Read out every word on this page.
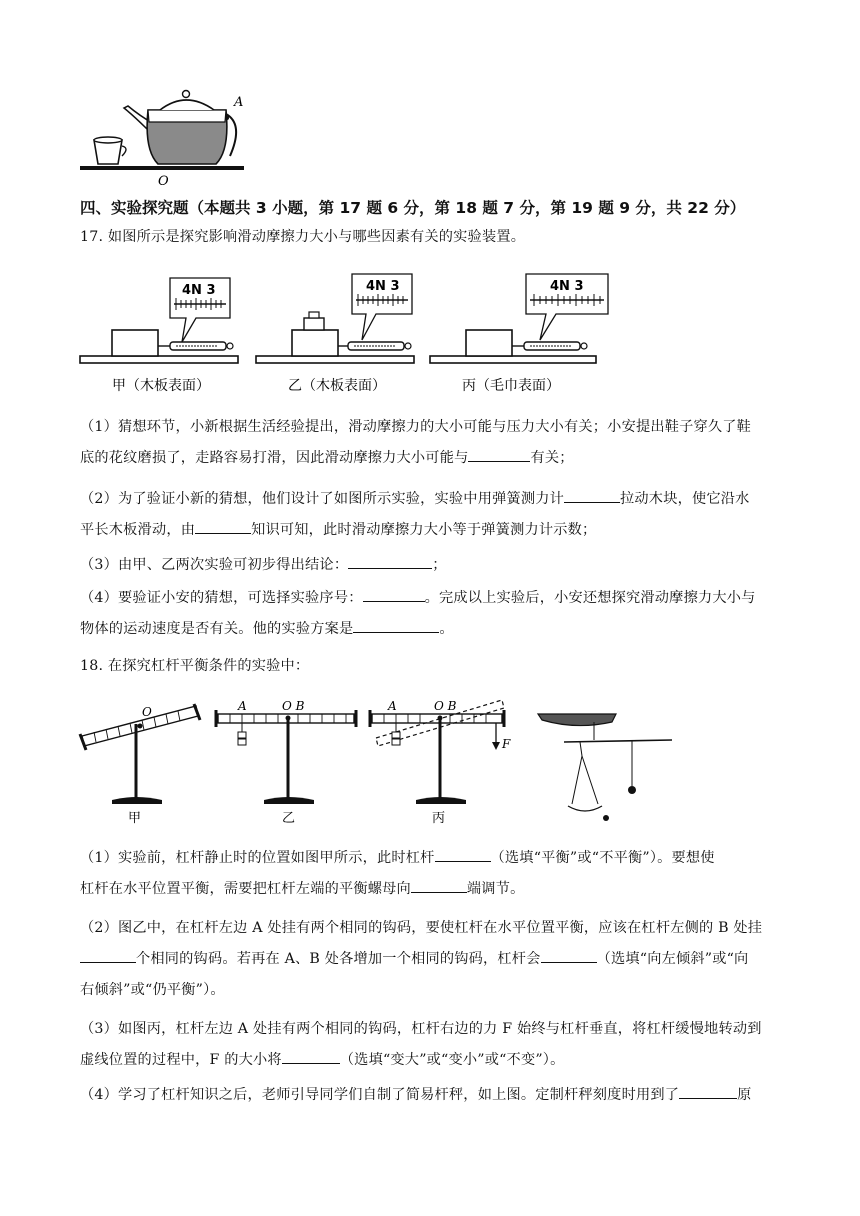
A
O
四、实验探究题（本题共 3 小题，第 17 题 6 分，第 18 题 7 分，第 19 题 9 分，共 22 分）
17. 如图所示是探究影响滑动摩擦力大小与哪些因素有关的实验装置。
4N 3
甲（木板表面）
4N 3
乙（木板表面）
4N 3
丙（毛巾表面）
（1）猜想环节，小新根据生活经验提出，滑动摩擦力的大小可能与压力大小有关；小安提出鞋子穿久了鞋
底的花纹磨损了，走路容易打滑，因此滑动摩擦力大小可能与	有关；
（2）为了验证小新的猜想，他们设计了如图所示实验，实验中用弹簧测力计	拉动木块，使它沿水
平长木板滑动，由	知识可知，此时滑动摩擦力大小等于弹簧测力计示数；
（3）由甲、乙两次实验可初步得出结论：	；
（4）要验证小安的猜想，可选择实验序号：	。完成以上实验后，小安还想探究滑动摩擦力大小与
物体的运动速度是否有关。他的实验方案是	。
18. 在探究杠杆平衡条件的实验中：
O
甲
A	O B
乙
A	O B
F
丙
（1）实验前，杠杆静止时的位置如图甲所示，此时杠杆	（选填“平衡”或“不平衡”）。要想使
杠杆在水平位置平衡，需要把杠杆左端的平衡螺母向	端调节。
（2）图乙中，在杠杆左边 A 处挂有两个相同的钩码，要使杠杆在水平位置平衡，应该在杠杆左侧的 B 处挂
个相同的钩码。若再在 A、B 处各增加一个相同的钩码，杠杆会	（选填“向左倾斜”或“向
右倾斜”或“仍平衡”）。
（3）如图丙，杠杆左边 A 处挂有两个相同的钩码，杠杆右边的力 F 始终与杠杆垂直，将杠杆缓慢地转动到
虚线位置的过程中，F 的大小将	（选填“变大”或“变小”或“不变”）。
（4）学习了杠杆知识之后，老师引导同学们自制了简易杆秤，如上图。定制杆秤刻度时用到了	原
